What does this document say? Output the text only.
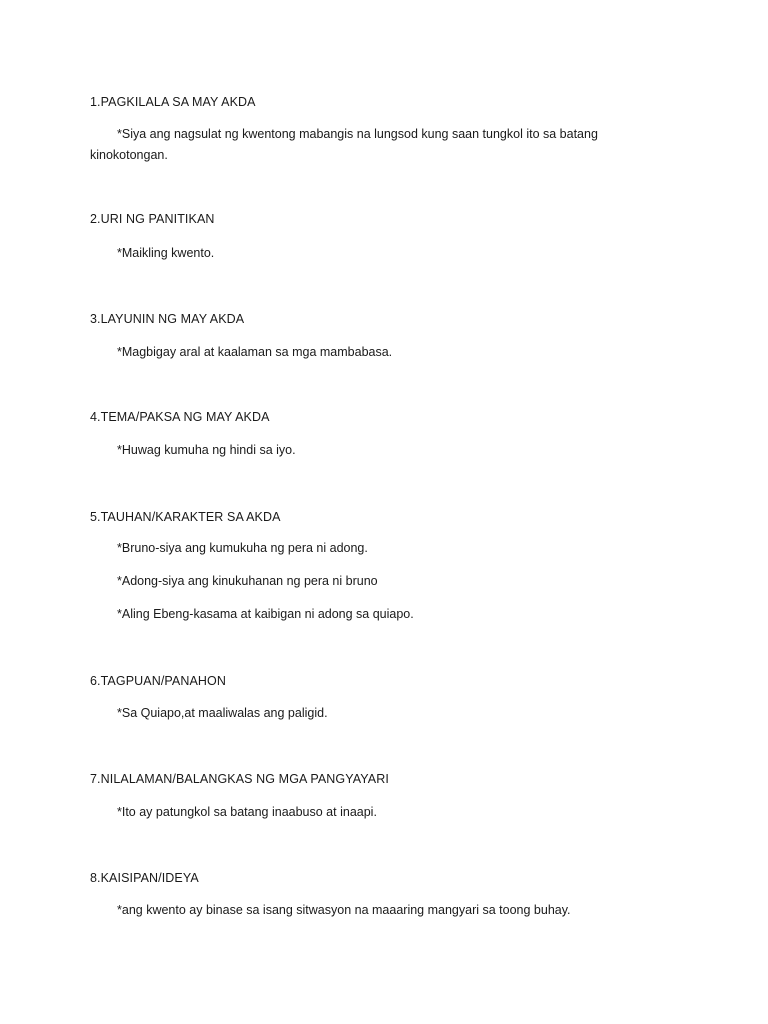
1.PAGKILALA SA MAY AKDA
*Siya ang nagsulat ng kwentong mabangis na lungsod kung saan tungkol ito sa batang kinokotongan.
2.URI NG PANITIKAN
*Maikling kwento.
3.LAYUNIN NG MAY AKDA
*Magbigay aral at kaalaman sa mga mambabasa.
4.TEMA/PAKSA NG MAY AKDA
*Huwag kumuha ng hindi sa iyo.
5.TAUHAN/KARAKTER SA AKDA
*Bruno-siya ang kumukuha ng pera ni adong.
*Adong-siya ang kinukuhanan ng pera ni bruno
*Aling Ebeng-kasama at kaibigan ni adong sa quiapo.
6.TAGPUAN/PANAHON
*Sa Quiapo,at maaliwalas ang paligid.
7.NILALAMAN/BALANGKAS NG MGA PANGYAYARI
*Ito ay patungkol sa batang inaabuso at inaapi.
8.KAISIPAN/IDEYA
*ang kwento ay binase sa isang sitwasyon na maaaring mangyari sa toong buhay.
